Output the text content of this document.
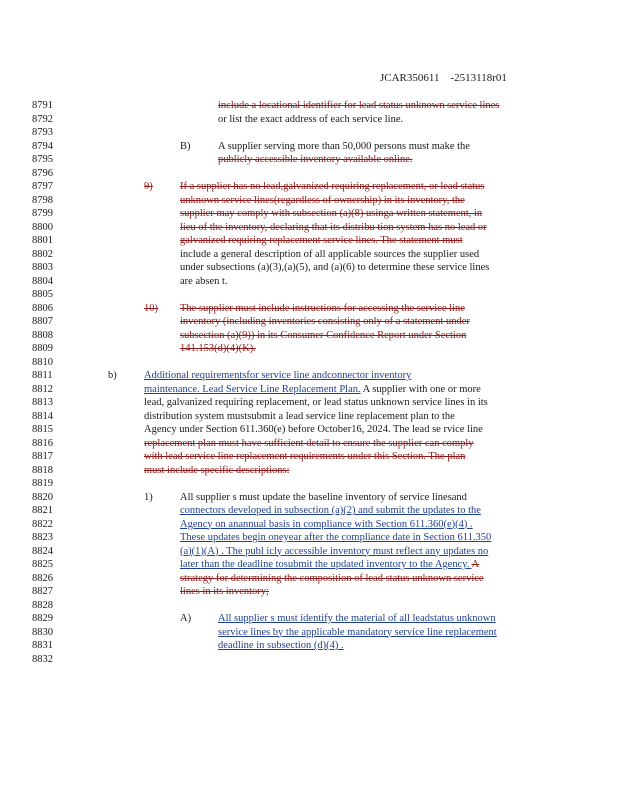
JCAR350611    -2513118r01
8791
8792
8793
8794
8795
8796
8797
8798
8799
8800
8801
8802
8803
8804
8805
8806
8807
8808
8809
8810
8811
8812
8813
8814
8815
8816
8817
8818
8819
8820
8821
8822
8823
8824
8825
8826
8827
8828
8829
8830
8831
8832
include a locational identifier for lead status unknown service lines
or list the exact address of each service line.
B)	A supplier serving more than 50,000 persons must make the
publicly accessible inventory available online.
9)	If a supplier has no lead,galvanized requiring replacement, or lead status
unknown service lines(regardless of ownership) in its inventory, the
supplier may comply with subsection (a)(8) usinga written statement, in
lieu of the inventory, declaring that its distribu tion system has no lead or
galvanized requiring replacement service lines. The statement must
include a general description of all applicable sources the supplier used
under subsections (a)(3),(a)(5), and (a)(6) to determine these service lines
are absen t.
10) The supplier must include instructions for accessing the service line
inventory (including inventories consisting only of a statement under
subsection (a)(9)) in its Consumer Confidence Report under Section
141.153(d)(4)(K).
b)	Additional requirementsfor service line andconnector inventory
maintenance. Lead Service Line Replacement Plan. A supplier with one or more
lead, galvanized requiring replacement, or lead status unknown service lines in its
distribution system mustsubmit a lead service line replacement plan to the
Agency under Section 611.360(e) before October16, 2024. The lead se rvice line
replacement plan must have sufficient detail to ensure the supplier can comply
with lead service line replacement requirements under this Section. The plan
must include specific descriptions:
1)	All supplier s must update the baseline inventory of service linesand
connectors developed in subsection (a)(2) and submit the updates to the
Agency on anannual basis in compliance with Section 611.360(e)(4) .
These updates begin oneyear after the compliance date in Section 611.350
(a)(1)(A) . The publ icly accessible inventory must reflect any updates no
later than the deadline tosubmit the updated inventory to the Agency. A
strategy for determining the composition of lead status unknown service
lines in its inventory;
A)	All supplier s must identify the material of all leadstatus unknown
service lines by the applicable mandatory service line replacement
deadline in subsection (d)(4) .
